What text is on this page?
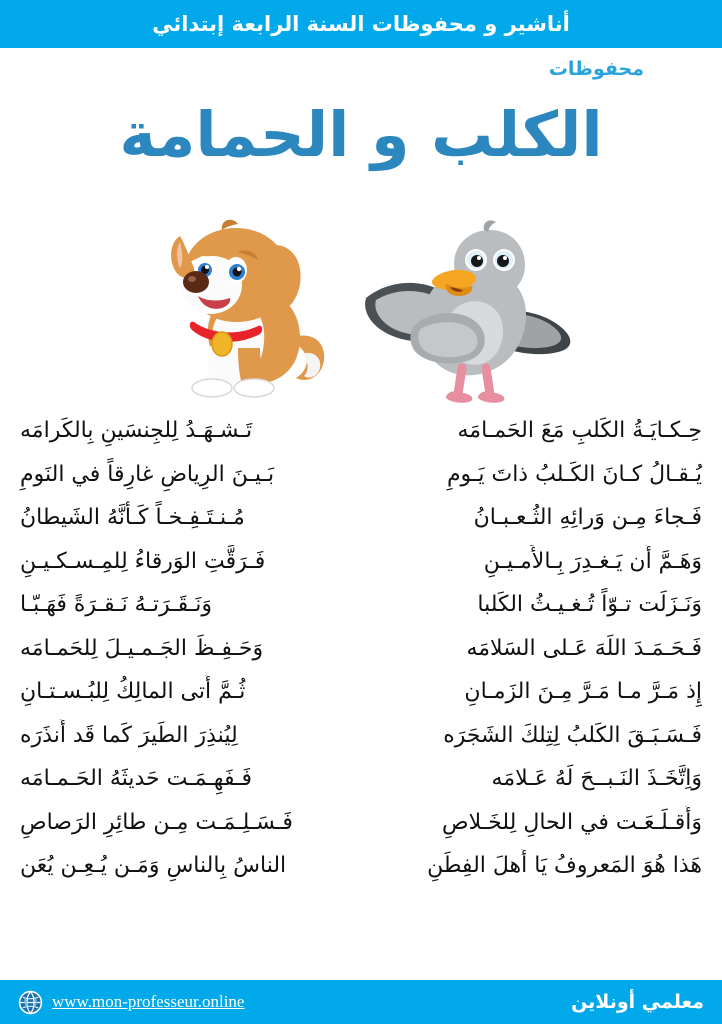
أناشير و محفوظات السنة الرابعة إبتدائي
محفوظات
الكلب و الحمامة
حِـكـايَـةُ الكَلبِ مَعَ الحَمـامَه
تَـشـهَـدُ لِلجِنسَينِ بِالكَرامَه
يُـقـالُ كـانَ الكَـلبُ ذاتَ يَـومِ
بَـيـنَ الرِياضِ غارِقاً في النَومِ
فَـجاءَ مِـن وَرائِهِ الثُـعـبـانُ
مُـنـتَـفِـخـاً كَـأَنَّهُ الشَيطانُ
وَهَـمَّ أَن يَـغـدِرَ بِـالأَمـيـنِ
فَـرَقَّتِ الوَرقاءُ لِلمِـسـكـيـنِ
وَنَـزَلَت تـوّاً تُـغـيـثُ الكَلبا
وَنَـقَـرَتـهُ نَـقـرَةً فَهَـبّـا
فَـحَـمَـدَ اللَهَ عَـلى السَلامَه
وَحَـفِـظَ الجَـمـيـلَ لِلحَمـامَه
إِذ مَـرَّ مـا مَـرَّ مِـنَ الزَمـانِ
ثُـمَّ أَتى المالِكُ لِلبُـسـتـانِ
فَـسَـبَـقَ الكَلبُ لِتِلكَ الشَجَرَه
لِيُنذِرَ الطَيرَ كَما قَد أَنذَرَه
وَاِتَّخَـذَ النَـبــحَ لَهُ عَـلامَه
فَـفَهِـمَـت حَديثَهُ الحَـمـامَه
وَأَقـلَـعَـت في الحالِ لِلخَـلاصِ
فَـسَـلِـمَـت مِـن طائِرِ الرَصاصِ
هَذا هُوَ المَعروفُ يَا أَهلَ الفِطَنِ
الناسُ بِالناسِ وَمَـن يُـعِـن يُعَن
www.mon-professeur.online	معلمي أونلاين
